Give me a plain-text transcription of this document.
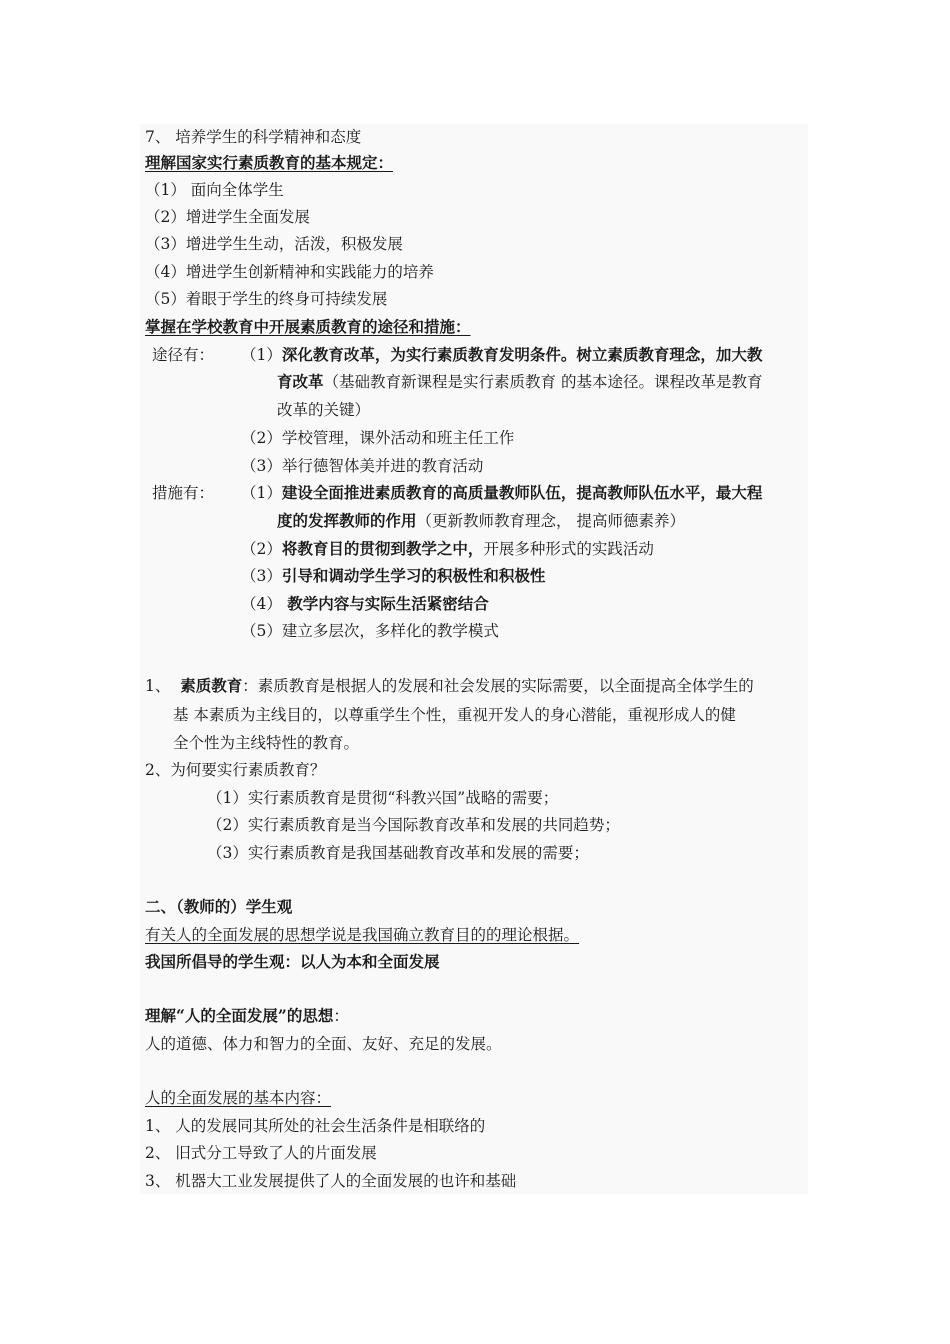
7、 培养学生的科学精神和态度
理解国家实行素质教育的基本规定：
（1） 面向全体学生
（2）增进学生全面发展
（3）增进学生生动，活泼，积极发展
（4）增进学生创新精神和实践能力的培养
（5）着眼于学生的终身可持续发展
掌握在学校教育中开展素质教育的途径和措施：
途径有： （1）深化教育改革，为实行素质教育发明条件。树立素质教育理念，加大教
育改革（基础教育新课程是实行素质教育 的基本途径。课程改革是教育
改革的关键）
（2）学校管理，课外活动和班主任工作
（3）举行德智体美并进的教育活动
措施有： （1）建设全面推进素质教育的高质量教师队伍，提高教师队伍水平，最大程
度的发挥教师的作用（更新教师教育理念， 提高师德素养）
（2）将教育目的贯彻到教学之中，开展多种形式的实践活动
（3）引导和调动学生学习的积极性和积极性
（4） 教学内容与实际生活紧密结合
（5）建立多层次，多样化的教学模式
1、 素质教育：素质教育是根据人的发展和社会发展的实际需要，以全面提高全体学生的
基 本素质为主线目的，以尊重学生个性，重视开发人的身心潜能，重视形成人的健
全个性为主线特性的教育。
2、为何要实行素质教育？
（1）实行素质教育是贯彻“科教兴国”战略的需要；
（2）实行素质教育是当今国际教育改革和发展的共同趋势；
（3）实行素质教育是我国基础教育改革和发展的需要；
二、（教师的）学生观
有关人的全面发展的思想学说是我国确立教育目的的理论根据。
我国所倡导的学生观：以人为本和全面发展
理解“人的全面发展”的思想：
人的道德、体力和智力的全面、友好、充足的发展。
人的全面发展的基本内容：
1、 人的发展同其所处的社会生活条件是相联络的
2、 旧式分工导致了人的片面发展
3、 机器大工业发展提供了人的全面发展的也许和基础
